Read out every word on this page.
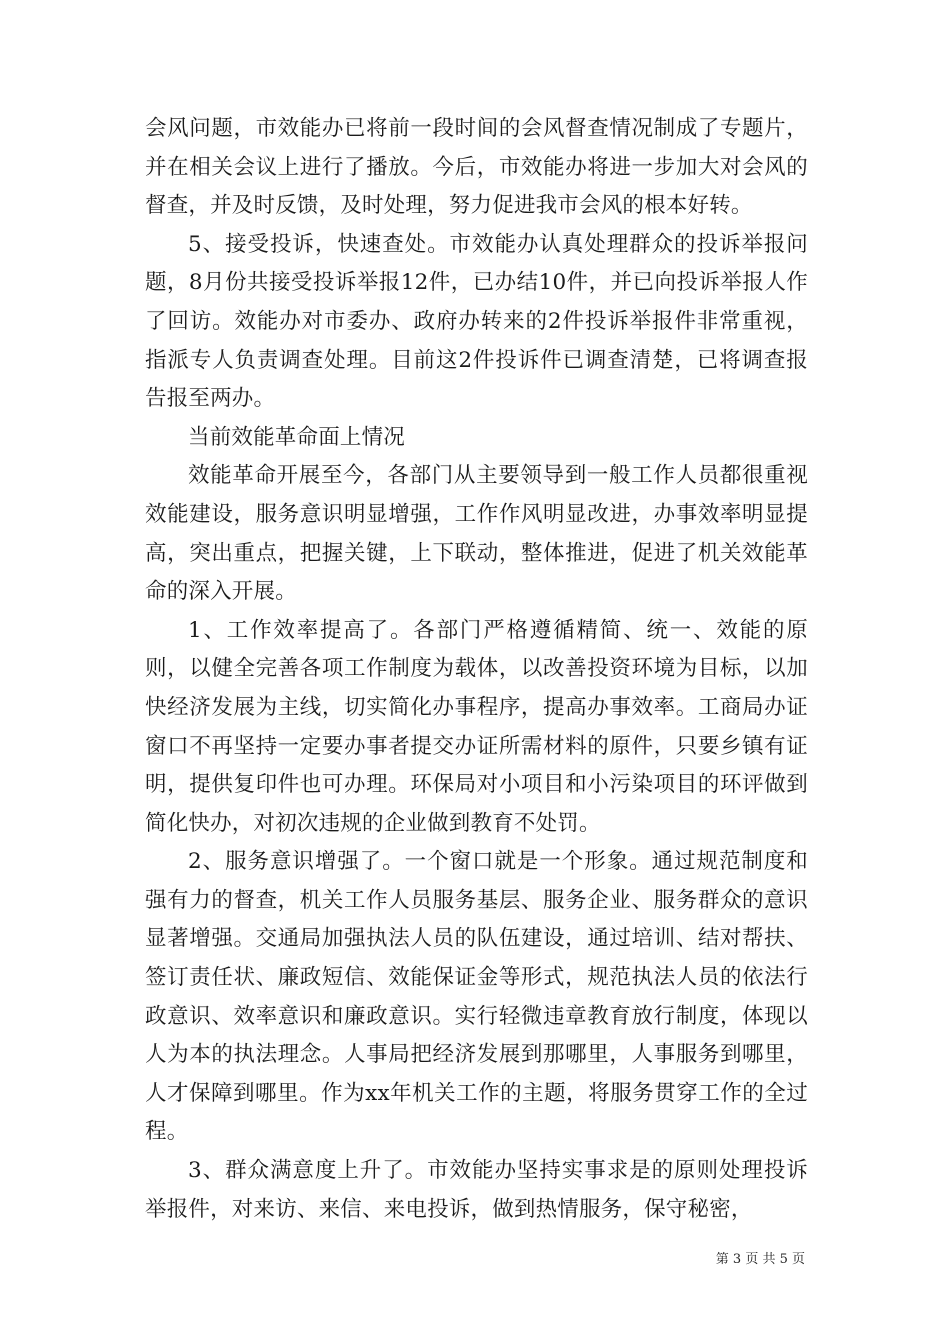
会风问题，市效能办已将前一段时间的会风督查情况制成了专题片，并在相关会议上进行了播放。今后，市效能办将进一步加大对会风的督查，并及时反馈，及时处理，努力促进我市会风的根本好转。

5、接受投诉，快速查处。市效能办认真处理群众的投诉举报问题，8月份共接受投诉举报12件，已办结10件，并已向投诉举报人作了回访。效能办对市委办、政府办转来的2件投诉举报件非常重视，指派专人负责调查处理。目前这2件投诉件已调查清楚，已将调查报告报至两办。

当前效能革命面上情况

效能革命开展至今，各部门从主要领导到一般工作人员都很重视效能建设，服务意识明显增强，工作作风明显改进，办事效率明显提高，突出重点，把握关键，上下联动，整体推进，促进了机关效能革命的深入开展。

1、工作效率提高了。各部门严格遵循精简、统一、效能的原则，以健全完善各项工作制度为载体，以改善投资环境为目标，以加快经济发展为主线，切实简化办事程序，提高办事效率。工商局办证窗口不再坚持一定要办事者提交办证所需材料的原件，只要乡镇有证明，提供复印件也可办理。环保局对小项目和小污染项目的环评做到简化快办，对初次违规的企业做到教育不处罚。

2、服务意识增强了。一个窗口就是一个形象。通过规范制度和强有力的督查，机关工作人员服务基层、服务企业、服务群众的意识显著增强。交通局加强执法人员的队伍建设，通过培训、结对帮扶、签订责任状、廉政短信、效能保证金等形式，规范执法人员的依法行政意识、效率意识和廉政意识。实行轻微违章教育放行制度，体现以人为本的执法理念。人事局把经济发展到那哪里，人事服务到哪里，人才保障到哪里。作为xx年机关工作的主题，将服务贯穿工作的全过程。

3、群众满意度上升了。市效能办坚持实事求是的原则处理投诉举报件，对来访、来信、来电投诉，做到热情服务，保守秘密，

第 3 页 共 5 页
